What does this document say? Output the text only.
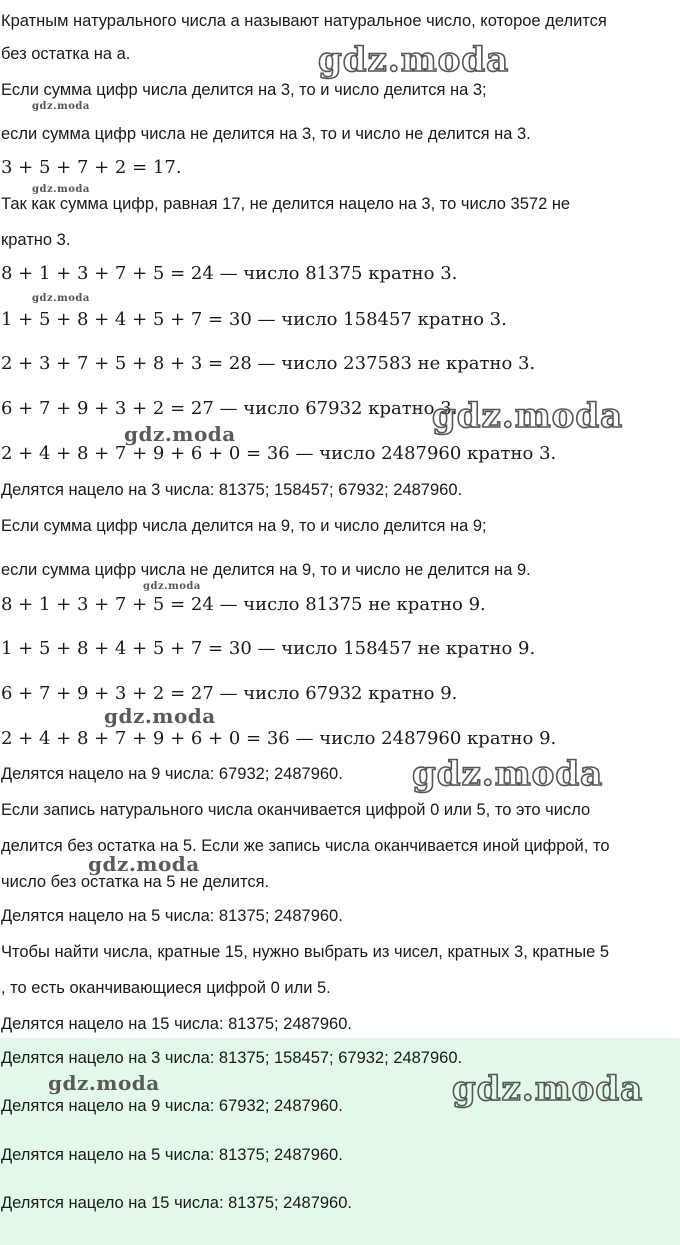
Кратным натурального числа a называют натуральное число, которое делится
без остатка на a.
Если сумма цифр числа делится на 3, то и число делится на 3;
если сумма цифр числа не делится на 3, то и число не делится на 3.
3 + 5 + 7 + 2 = 17.
Так как сумма цифр, равная 17, не делится нацело на 3, то число 3572 не
кратно 3.
8 + 1 + 3 + 7 + 5 = 24 — число 81375 кратно 3.
1 + 5 + 8 + 4 + 5 + 7 = 30 — число 158457 кратно 3.
2 + 3 + 7 + 5 + 8 + 3 = 28 — число 237583 не кратно 3.
6 + 7 + 9 + 3 + 2 = 27 — число 67932 кратно 3.
2 + 4 + 8 + 7 + 9 + 6 + 0 = 36 — число 2487960 кратно 3.
Делятся нацело на 3 числа: 81375; 158457; 67932; 2487960.
Если сумма цифр числа делится на 9, то и число делится на 9;
если сумма цифр числа не делится на 9, то и число не делится на 9.
8 + 1 + 3 + 7 + 5 = 24 — число 81375 не кратно 9.
1 + 5 + 8 + 4 + 5 + 7 = 30 — число 158457 не кратно 9.
6 + 7 + 9 + 3 + 2 = 27 — число 67932 кратно 9.
2 + 4 + 8 + 7 + 9 + 6 + 0 = 36 — число 2487960 кратно 9.
Делятся нацело на 9 числа: 67932; 2487960.
Если запись натурального числа оканчивается цифрой 0 или 5, то это число
делится без остатка на 5. Если же запись числа оканчивается иной цифрой, то
число без остатка на 5 не делится.
Делятся нацело на 5 числа: 81375; 2487960.
Чтобы найти числа, кратные 15, нужно выбрать из чисел, кратных 3, кратные 5
, то есть оканчивающиеся цифрой 0 или 5.
Делятся нацело на 15 числа: 81375; 2487960.
Делятся нацело на 3 числа: 81375; 158457; 67932; 2487960.
Делятся нацело на 9 числа: 67932; 2487960.
Делятся нацело на 5 числа: 81375; 2487960.
Делятся нацело на 15 числа: 81375; 2487960.
gdz.moda
gdz.moda
gdz.moda
gdz.moda
gdz.moda
gdz.moda
gdz.moda
gdz.moda
gdz.moda
gdz.moda
gdz.moda	gdz.moda
